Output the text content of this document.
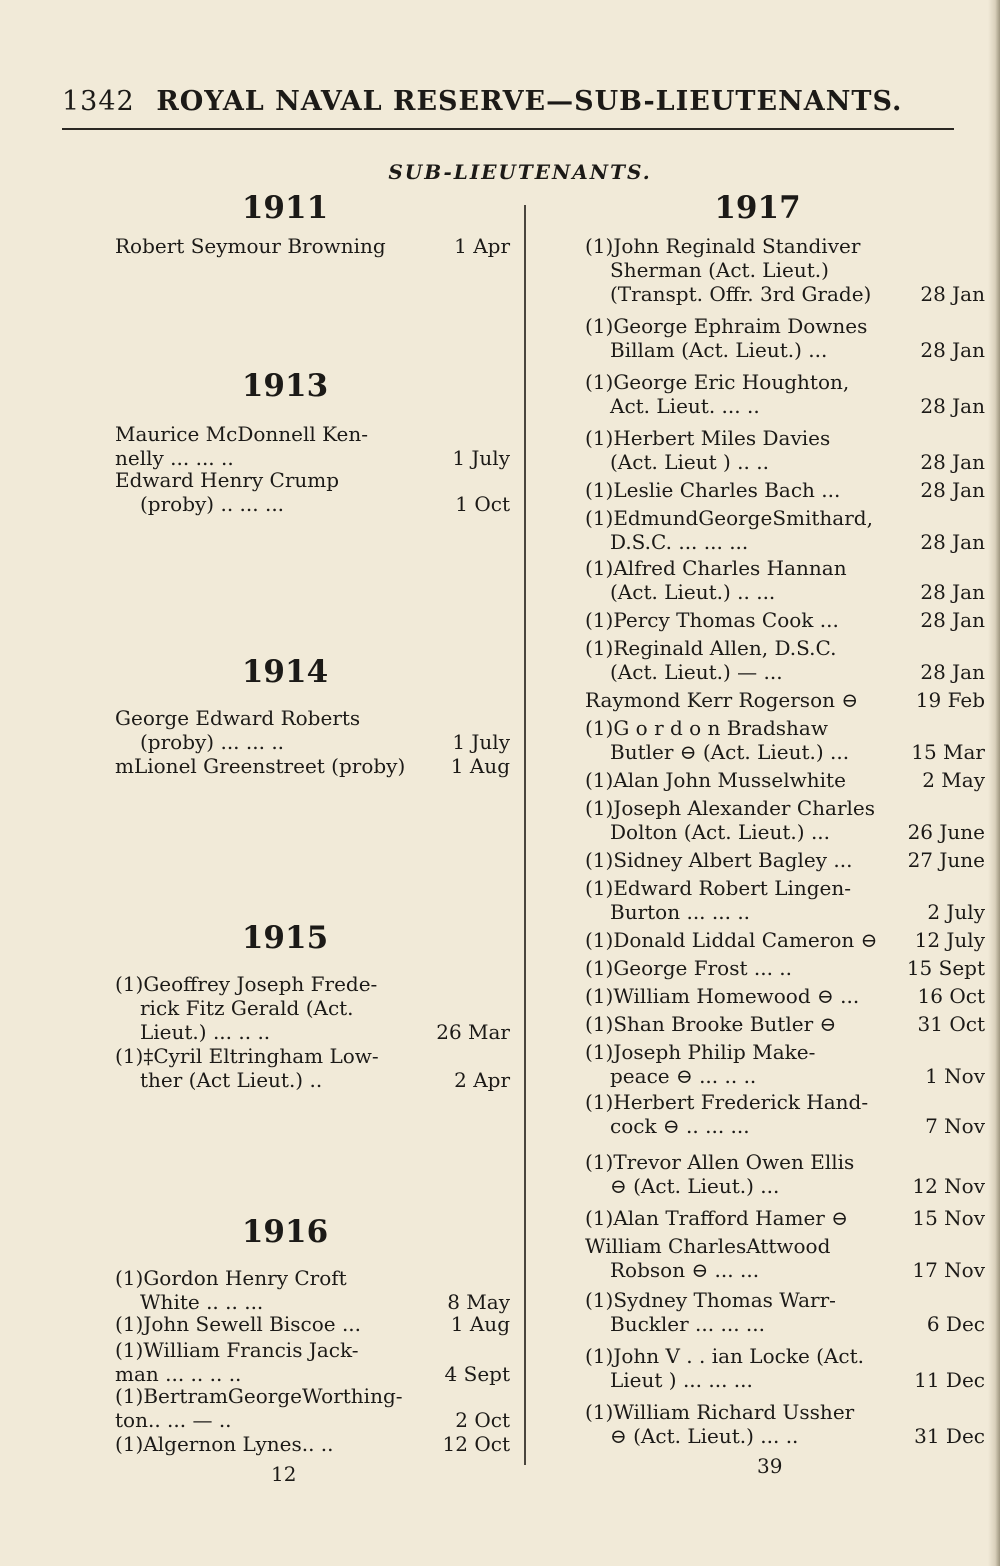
1342 ROYAL NAVAL RESERVE—SUB-LIEUTENANTS.
SUB-LIEUTENANTS.
1911
Robert Seymour Browning	1 Apr
1913
Maurice McDonnell Ken-
nelly ... ... ..	1 July
Edward Henry Crump
(proby) .. ... ...	1 Oct
1914
George Edward Roberts
(proby) ... ... ..	1 July
mLionel Greenstreet (proby) 1 Aug
1915
(1)Geoffrey Joseph Frede-
rick Fitz Gerald (Act.
Lieut.) ... .. ..	26 Mar
(1)‡Cyril Eltringham Low-
ther (Act Lieut.) ..	2 Apr
1916
(1)Gordon Henry Croft
White .. .. ...	8 May
(1)John Sewell Biscoe ...	1 Aug
(1)William Francis Jack-
man ... .. .. ..	4 Sept
(1)BertramGeorgeWorthing-
ton.. ... — ..	2 Oct
(1)Algernon Lynes.. ..	12 Oct
12
1917
(1)John Reginald Standiver
Sherman (Act. Lieut.)
(Transpt. Offr. 3rd Grade) 28 Jan
(1)George Ephraim Downes
Billam (Act. Lieut.) ...	28 Jan
(1)George Eric Houghton,
Act. Lieut. ... ..	28 Jan
(1)Herbert Miles Davies
(Act. Lieut ) .. ..	28 Jan
(1)Leslie Charles Bach ...	28 Jan
(1)EdmundGeorgeSmithard,
D.S.C. ... ... ...	28 Jan
(1)Alfred Charles Hannan
(Act. Lieut.) .. ...	28 Jan
(1)Percy Thomas Cook ...	28 Jan
(1)Reginald Allen, D.S.C.
(Act. Lieut.) — ...	28 Jan
Raymond Kerr Rogerson ⊖	19 Feb
(1)G o r d o n Bradshaw
Butler ⊖ (Act. Lieut.) ...	15 Mar
(1)Alan John Musselwhite	2 May
(1)Joseph Alexander Charles
Dolton (Act. Lieut.) ...	26 June
(1)Sidney Albert Bagley ...	27 June
(1)Edward Robert Lingen-
Burton ... ... ..	2 July
(1)Donald Liddal Cameron ⊖ 12 July
(1)George Frost ... ..	15 Sept
(1)William Homewood ⊖ ...	16 Oct
(1)Shan Brooke Butler ⊖	31 Oct
(1)Joseph Philip Make-
peace ⊖ ... .. ..	1 Nov
(1)Herbert Frederick Hand-
cock ⊖ .. ... ...	7 Nov
(1)Trevor Allen Owen Ellis
⊖ (Act. Lieut.) ...	12 Nov
(1)Alan Trafford Hamer ⊖	15 Nov
William CharlesAttwood
Robson ⊖ ... ...	17 Nov
(1)Sydney Thomas Warr-
Buckler ... ... ...	6 Dec
(1)John V . . ian Locke (Act.
Lieut ) ... ... ...	11 Dec
(1)William Richard Ussher
⊖ (Act. Lieut.) ... ..	31 Dec
39
